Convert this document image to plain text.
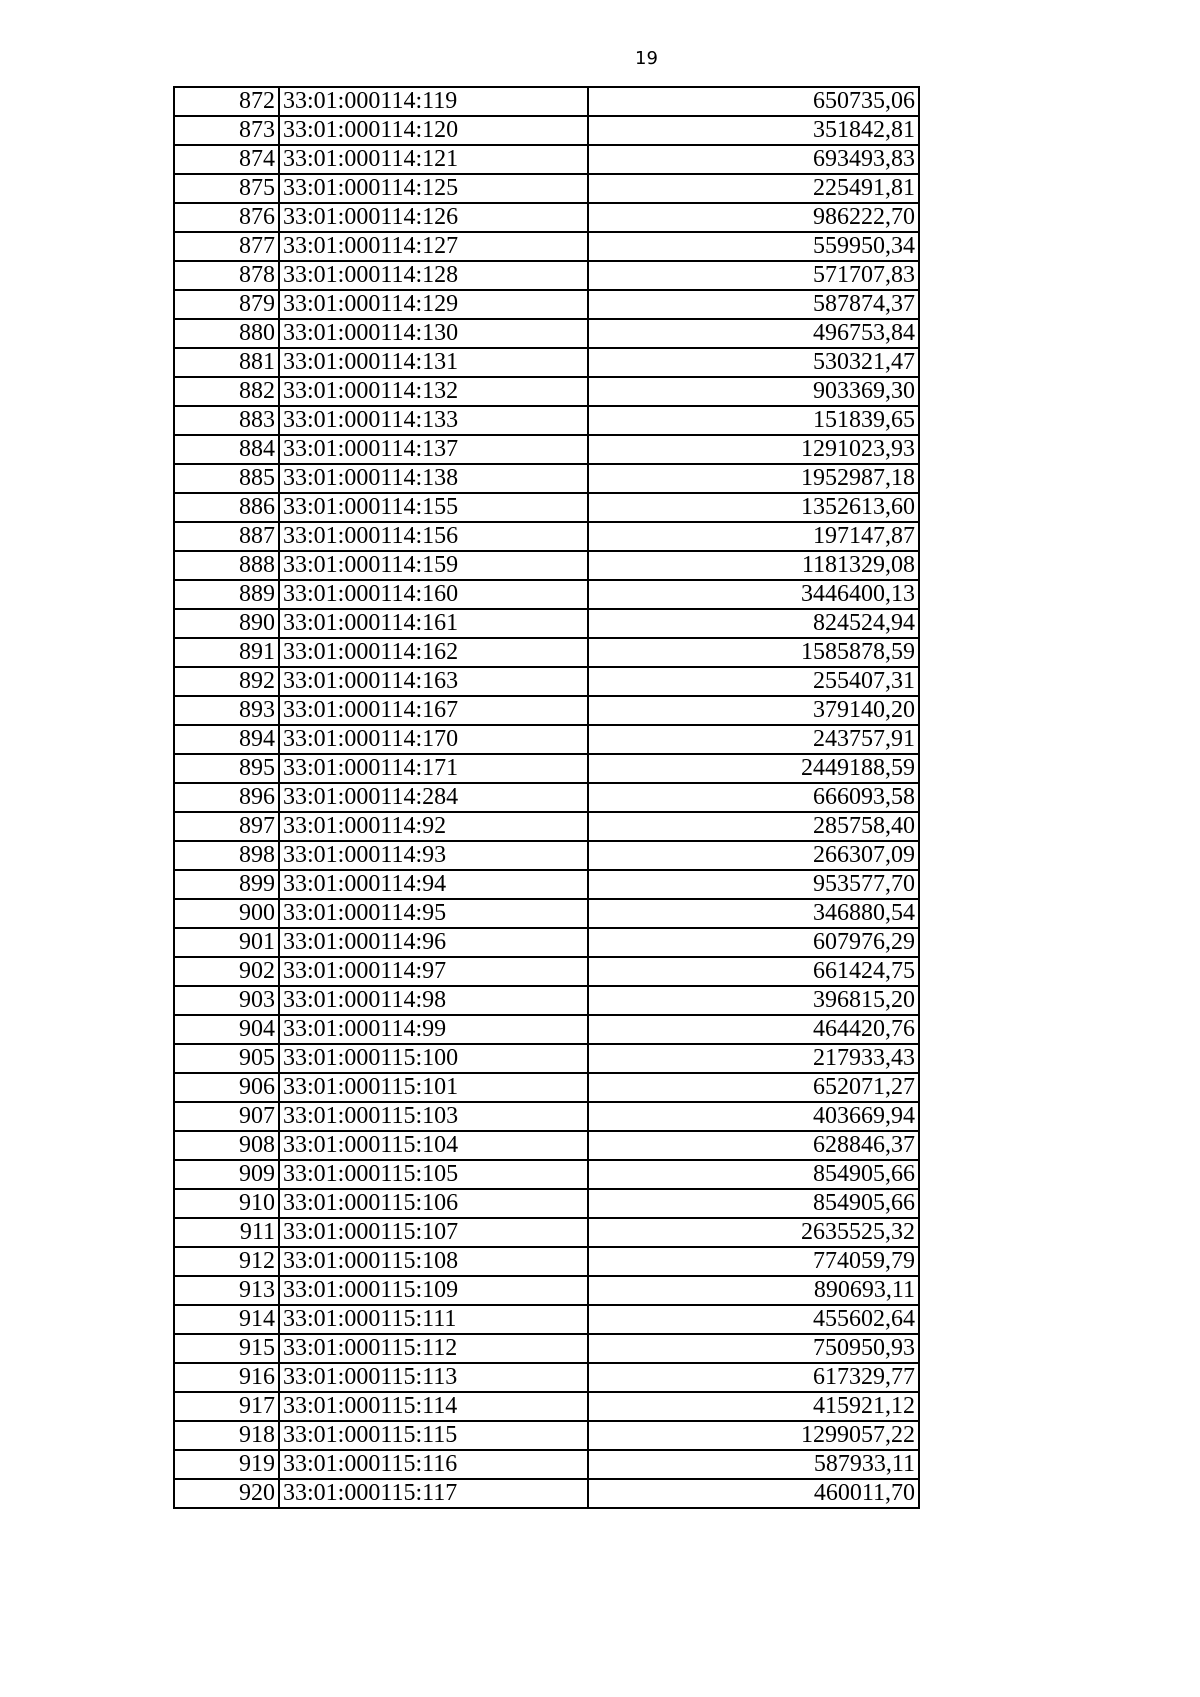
19
872	33:01:000114:119	650735,06
873	33:01:000114:120	351842,81
874	33:01:000114:121	693493,83
875	33:01:000114:125	225491,81
876	33:01:000114:126	986222,70
877	33:01:000114:127	559950,34
878	33:01:000114:128	571707,83
879	33:01:000114:129	587874,37
880	33:01:000114:130	496753,84
881	33:01:000114:131	530321,47
882	33:01:000114:132	903369,30
883	33:01:000114:133	151839,65
884	33:01:000114:137	1291023,93
885	33:01:000114:138	1952987,18
886	33:01:000114:155	1352613,60
887	33:01:000114:156	197147,87
888	33:01:000114:159	1181329,08
889	33:01:000114:160	3446400,13
890	33:01:000114:161	824524,94
891	33:01:000114:162	1585878,59
892	33:01:000114:163	255407,31
893	33:01:000114:167	379140,20
894	33:01:000114:170	243757,91
895	33:01:000114:171	2449188,59
896	33:01:000114:284	666093,58
897	33:01:000114:92	285758,40
898	33:01:000114:93	266307,09
899	33:01:000114:94	953577,70
900	33:01:000114:95	346880,54
901	33:01:000114:96	607976,29
902	33:01:000114:97	661424,75
903	33:01:000114:98	396815,20
904	33:01:000114:99	464420,76
905	33:01:000115:100	217933,43
906	33:01:000115:101	652071,27
907	33:01:000115:103	403669,94
908	33:01:000115:104	628846,37
909	33:01:000115:105	854905,66
910	33:01:000115:106	854905,66
911	33:01:000115:107	2635525,32
912	33:01:000115:108	774059,79
913	33:01:000115:109	890693,11
914	33:01:000115:111	455602,64
915	33:01:000115:112	750950,93
916	33:01:000115:113	617329,77
917	33:01:000115:114	415921,12
918	33:01:000115:115	1299057,22
919	33:01:000115:116	587933,11
920	33:01:000115:117	460011,70
